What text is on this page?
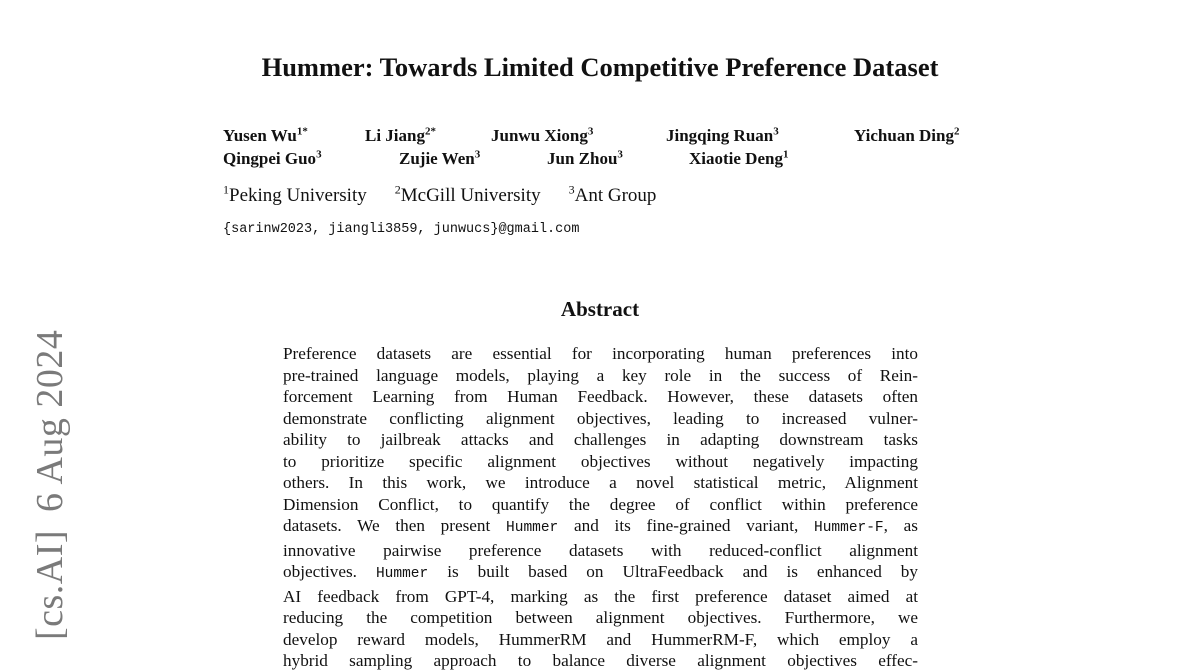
[cs.AI]6 Aug 2024
Hummer: Towards Limited Competitive Preference Dataset
Yusen $Wu^{1*}$	Li Jiang$^{2*}$	Junwu Xiong$^3$	Jingqing Ruan$^3$	Yichuan Ding$^2$
Qingpei Guo$^3$	Zujie Wen$^3$	Jun Zhou$^3$	Xiaotie Deng$^1$
$^1$Peking University $^2$McGill University $^3$Ant Group
{sarinw2023, jiangli3859, junwucs}@gmail.com
Abstract
Preference datasets are essential for incorporating human preferences into
pre-trained language models, playing a key role in the success of Rein-
forcement Learning from Human Feedback. However, these datasets often
demonstrate conflicting alignment objectives, leading to increased vulner-
ability to jailbreak attacks and challenges in adapting downstream tasks
to prioritize specific alignment objectives without negatively impacting
others. In this work, we introduce a novel statistical metric, Alignment
Dimension Conflict, to quantify the degree of conflict within preference
datasets. We then present Hummer and its fine-grained variant, Hummer-F, as
innovative pairwise preference datasets with reduced-conflict alignment
objectives. Hummer is built based on UltraFeedback and is enhanced by
AI feedback from GPT-4, marking as the first preference dataset aimed at
reducing the competition between alignment objectives. Furthermore, we
develop reward models, HummerRM and HummerRM-F, which employ a
hybrid sampling approach to balance diverse alignment objectives effec-
